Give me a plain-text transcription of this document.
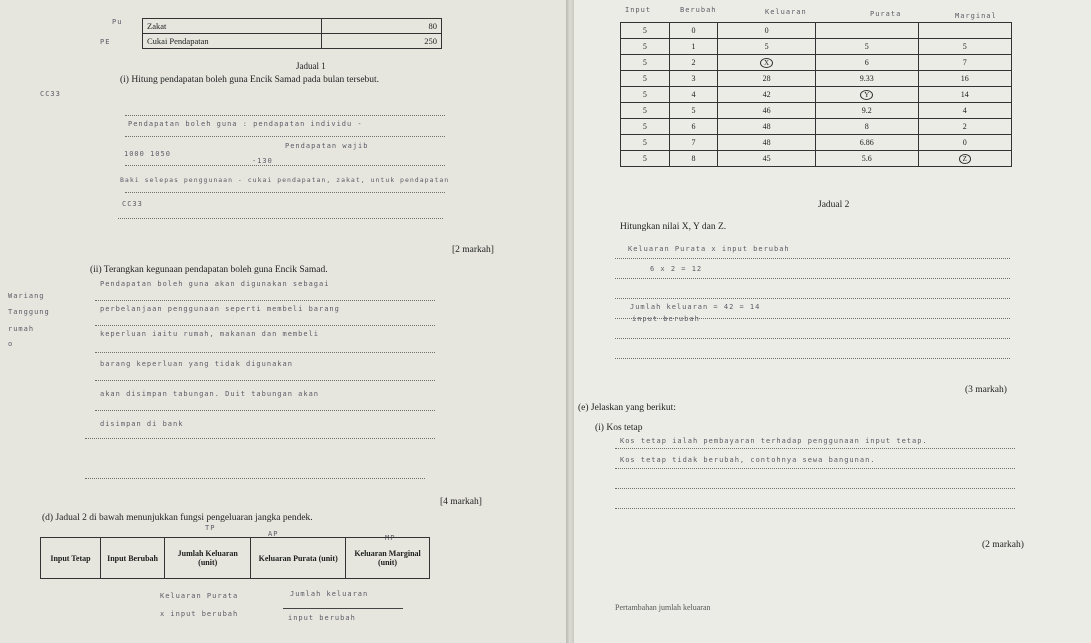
Pu
PE
Zakat	80
Cukai Pendapatan	250
Jadual 1
(i) Hitung pendapatan boleh guna Encik Samad pada bulan tersebut.
CC33
Pendapatan boleh guna : pendapatan individu -
Pendapatan wajib
1000 1050
-130
Baki selepas penggunaan - cukai pendapatan, zakat, untuk pendapatan
CC33
[2 markah]
(ii) Terangkan kegunaan pendapatan boleh guna Encik Samad.
Wariang
Tanggung
rumah
o
Pendapatan boleh guna akan digunakan sebagai
perbelanjaan penggunaan seperti membeli barang
keperluan iaitu rumah, makanan dan membeli
barang keperluan yang tidak digunakan
akan disimpan tabungan. Duit tabungan akan
disimpan di bank
[4 markah]
(d) Jadual 2 di bawah menunjukkan fungsi pengeluaran jangka pendek.
TP
AP	MP
Input Tetap	Input Berubah	Jumlah Keluaran (unit)	Keluaran Purata (unit)	Keluaran Marginal (unit)
Keluaran Purata	Jumlah keluaran
x input berubah	input berubah
Pertambahan jumlah keluaran
Input	Berubah	Keluaran	Purata	Marginal
5	0	0		
5	1	5	5	5
5	2	X	6	7
5	3	28	9.33	16
5	4	42	Y	14
5	5	46	9.2	4
5	6	48	8	2
5	7	48	6.86	0
5	8	45	5.6	Z
Jadual 2
Hitungkan nilai X, Y dan Z.
Keluaran Purata x input berubah
6 x 2 = 12
Jumlah keluaran = 42 = 14
input berubah
(3 markah)
(e) Jelaskan yang berikut:
(i) Kos tetap
Kos tetap ialah pembayaran terhadap penggunaan input tetap.
Kos tetap tidak berubah, contohnya sewa bangunan.
(2 markah)
